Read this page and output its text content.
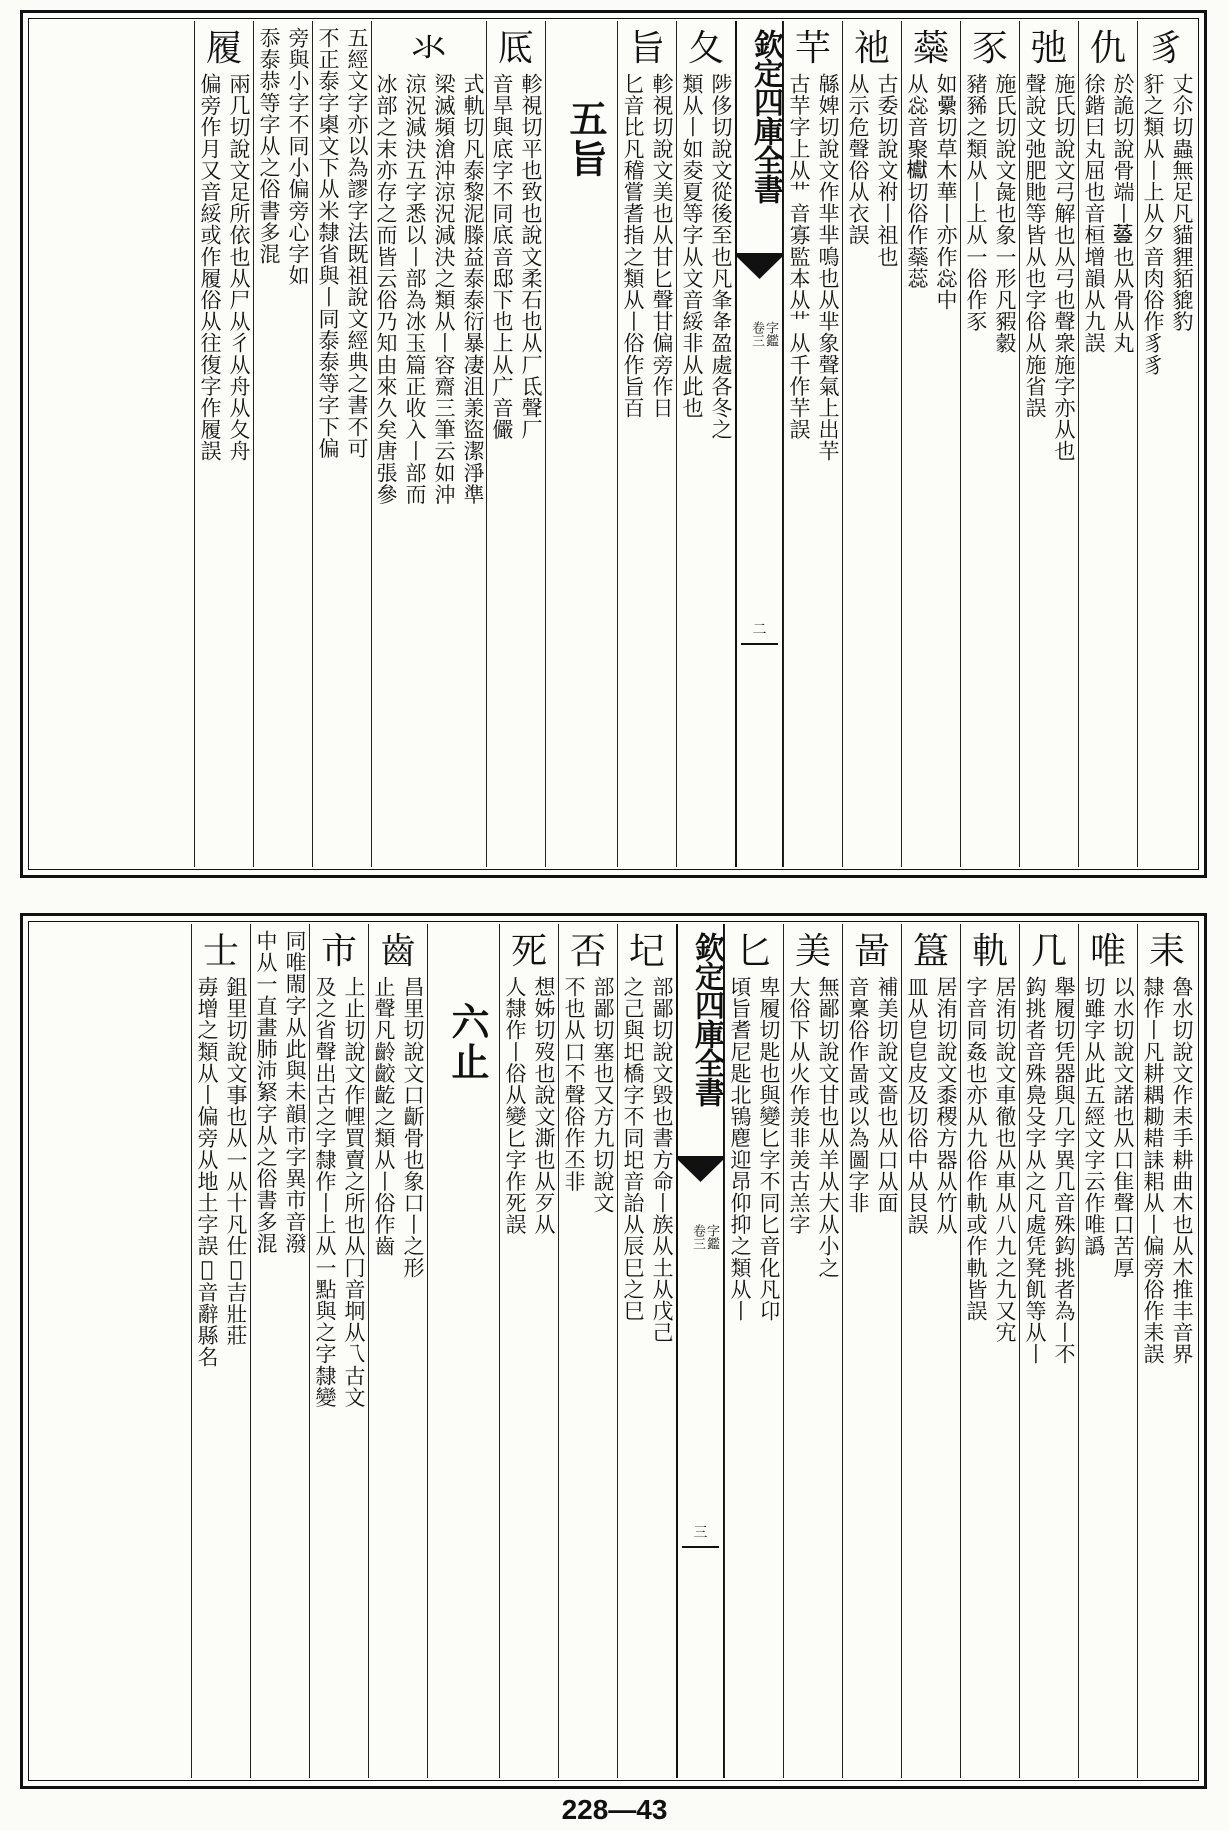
豸
丈尒切蟲無足凡貓貍貊貔豹
豻之類从丨上从夕音肉俗作豸豸
仇
於詭切說骨端丨𧯷也从骨从丸
徐鍇曰丸屈也音桓增韻从九誤
弛
施氏切說文弓解也从弓也聲衆施字亦从也
聲說文弛肥貤等皆从也字俗从施省誤
豕
施氏切說文彘也象一形凡豭豰
豬豨之類从丨上从一俗作豕
蘂
如纍切草木華丨亦作惢中
从惢音聚𣡌切俗作蘂蕊
祂
古委切說文祔丨祖也
从示危聲俗从衣誤
芉
緜婢切說文作芈芈鳴也从芈象聲氣上出芉
古芉字上从艹音寡監本从艹从千作芉誤
欽定四庫全書
字鑑
卷三
二
夂
陟侈切說文從後至也凡夆夅盈處各冬之
類从丨如夌夏等字从文音綏非从此也
旨
軫視切說文美也从甘匕聲甘偏旁作日
匕音比凡稽嘗耆指之類从丨俗作旨百
五旨
厎
軫視切平也致也說文柔石也从厂氐聲厂
音旱與底字不同底音邸下也上从广音儼
氺
式軌切凡泰黎泥滕益泰泰衍暴凄沮羕盜潔淨準
梁滅頻滄沖涼況減決之類从丨容齋三筆云如沖
涼況減決五字悉以丨部為冰玉篇正收入丨部而
冰部之末亦存之而皆云俗乃知由來久矣唐張參
五經文字亦以為謬字法既祖說文經典之書不可
不正泰字㮚文下从米隸省與丨同泰泰等字下偏
旁與小字不同小偏旁心字如
忝泰恭等字从之俗書多混
履
兩几切說文足所依也从尸从彳从舟从夂舟
偏旁作月又音綏或作履俗从往復字作履誤
耒
魯水切說文作耒手耕曲木也从木推丰音界
隸作丨凡耕耦耡耤誄耜从丨偏旁俗作耒誤
唯
以水切說文諾也从口隹聲口苦厚
切雖字从此五經文字云作唯譌
几
舉履切凭器與几字異几音殊鈎挑者為丨不
鈎挑者音殊鳧殳字从之凡處凭凳飢等从丨
軌
居洧切說文車徹也从車从八九之九又宄
字音同姦也亦从九俗作軌或作軌皆誤
簋
居洧切說文黍稷方器从竹从
皿从皀皀皮及切俗中从艮誤
啚
補美切說文嗇也从口从面
音稟俗作啚或以為圖字非
美
無鄙切說文甘也从羊从大从小之
大俗下从火作羙非羙古羔字
匕
卑履切匙也與變匕字不同匕音化凡卬
頃旨耆尼匙北鴇麀迎昂仰抑之類从丨
欽定四庫全書
字鑑
卷三
三
圮
部鄙切說文毀也書方命丨族从土从戊己
之己與圯橋字不同圯音詒从辰巳之巳
否
部鄙切塞也又方九切說文
不也从口不聲俗作丕非
死
想姊切歿也說文澌也从歹从
人隸作丨俗从變匕字作死誤
六止
齒
昌里切說文口齗骨也象口丨之形
止聲凡齡齩齕之類从丨俗作齒
市
上止切說文作𢃇買賣之所也从冂音坰从乁古文
及之省聲出古之字隸作丨上从一點與之字隸變
同唯閙字从此與未韻市字異市音潑
中从一直畫肺沛䋈字从之俗書多混
士
鉏里切說文事也从一从十凡仕𡉀吉壯莊
毐增之類从丨偏旁从地土字誤𡉀音辭縣名
228—43
